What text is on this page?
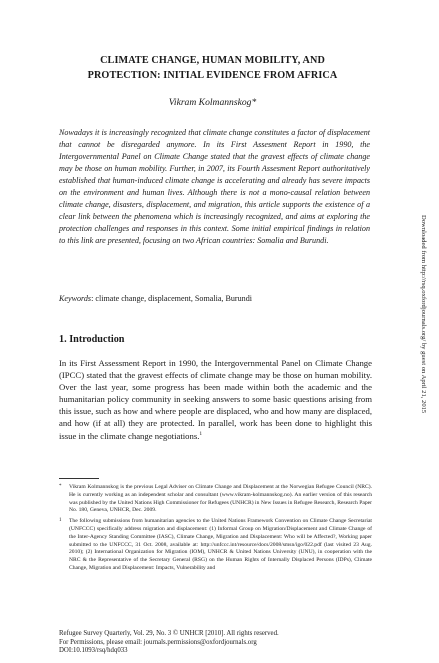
CLIMATE CHANGE, HUMAN MOBILITY, AND
PROTECTION: INITIAL EVIDENCE FROM AFRICA
Vikram Kolmannskog*

Nowadays it is increasingly recognized that climate change constitutes a factor of displacement that cannot be disregarded anymore. In its First Assesment Report in 1990, the Intergovernmental Panel on Climate Change stated that the gravest effects of climate change may be those on human mobility. Further, in 2007, its Fourth Assesment Report authoritatively established that human-induced climate change is accelerating and already has severe impacts on the environment and human lives. Although there is not a mono-causal relation between climate change, disasters, displacement, and migration, this article supports the existence of a clear link between the phenomena which is increasingly recognized, and aims at exploring the protection challenges and responses in this context. Some initial empirical findings in relation to this link are presented, focusing on two African countries: Somalia and Burundi.

Keywords: climate change, displacement, Somalia, Burundi
1. Introduction

In its First Assessment Report in 1990, the Intergovernmental Panel on Climate Change (IPCC) stated that the gravest effects of climate change may be those on human mobility. Over the last year, some progress has been made within both the academic and the humanitarian policy community in seeking answers to some basic questions arising from this issue, such as how and where people are displaced, who and how many are displaced, and how (if at all) they are protected. In parallel, work has been done to highlight this issue in the climate change negotiations.$^1$

* Vikram Kolmannskog is the previous Legal Adviser on Climate Change and Displacement at the Norwegian Refugee Council (NRC). He is currently working as an independent scholar and consultant (www.vikram-kolmannskog.no). An earlier version of this research was published by the United Nations High Commissioner for Refugees (UNHCR) in New Issues in Refugee Research, Research Paper No. 180, Geneva, UNHCR, Dec. 2009.
1 The following submissions from humanitarian agencies to the United Nations Framework Convention on Climate Change Secretariat (UNFCCC) specifically address migration and displacement: (1) Informal Group on Migration/Displacement and Climate Change of the Inter-Agency Standing Committee (IASC), Climate Change, Migration and Displacement: Who will be Affected?, Working paper submitted to the UNFCCC, 31 Oct. 2008, available at: http://unfccc.int/resource/docs/2008/smsn/igo/022.pdf (last visited 23 Aug. 2010); (2) International Organization for Migration (IOM), UNHCR & United Nations University (UNU), in cooperation with the NRC & the Representative of the Secretary General (RSG) on the Human Rights of Internally Displaced Persons (IDPs), Climate Change, Migration and Displacement: Impacts, Vulnerability and
Refugee Survey Quarterly, Vol. 29, No. 3 © UNHCR [2010]. All rights reserved.
For Permissions, please email: journals.permissions@oxfordjournals.org
DOI:10.1093/rsq/hdq033
Downloaded from http://rsq.oxfordjournals.org/ by guest on April 21, 2015
